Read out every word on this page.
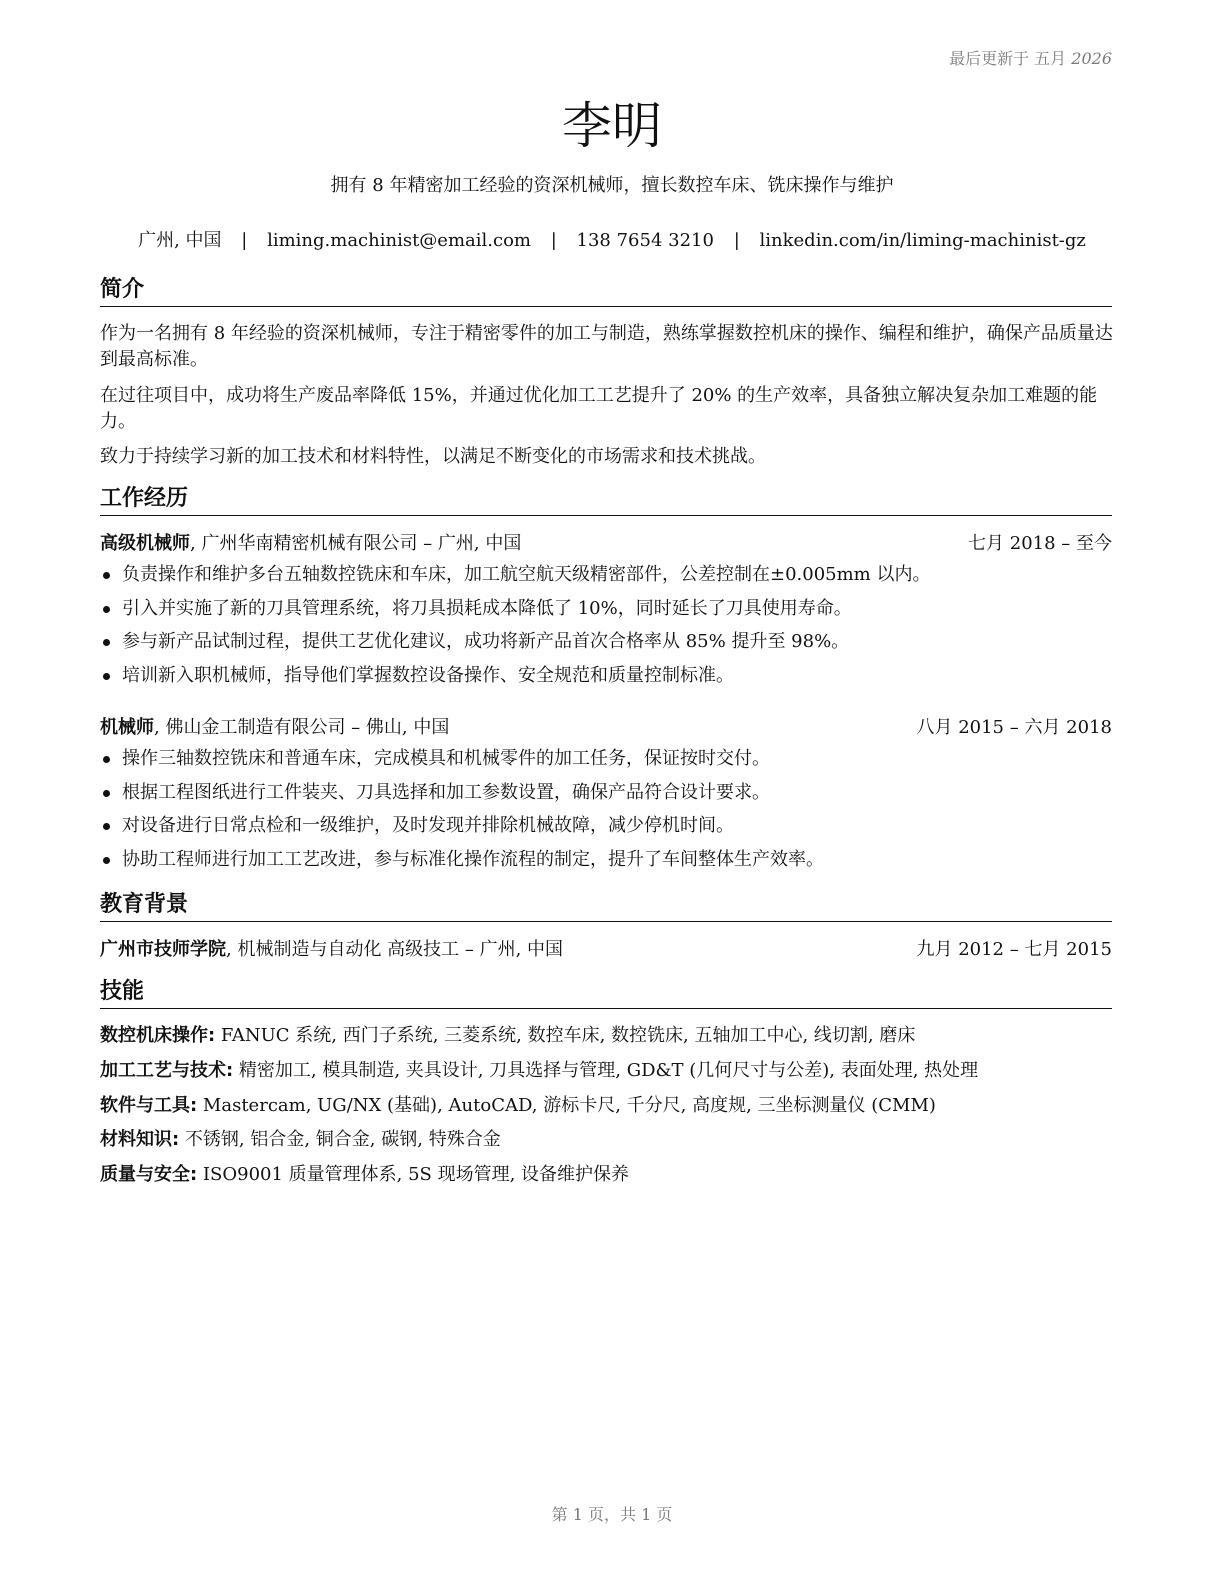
最后更新于 五月 2026
李明
拥有 8 年精密加工经验的资深机械师，擅长数控车床、铣床操作与维护
广州, 中国 | liming.machinist@email.com | 138 7654 3210 | linkedin.com/in/liming-machinist-gz
简介
作为一名拥有 8 年经验的资深机械师，专注于精密零件的加工与制造，熟练掌握数控机床的操作、编程和维护，确保产品质量达到最高标准。
在过往项目中，成功将生产废品率降低 15%，并通过优化加工工艺提升了 20% 的生产效率，具备独立解决复杂加工难题的能力。
致力于持续学习新的加工技术和材料特性，以满足不断变化的市场需求和技术挑战。
工作经历
高级机械师, 广州华南精密机械有限公司 – 广州, 中国	七月 2018 – 至今
负责操作和维护多台五轴数控铣床和车床，加工航空航天级精密部件，公差控制在±0.005mm 以内。
引入并实施了新的刀具管理系统，将刀具损耗成本降低了 10%，同时延长了刀具使用寿命。
参与新产品试制过程，提供工艺优化建议，成功将新产品首次合格率从 85% 提升至 98%。
培训新入职机械师，指导他们掌握数控设备操作、安全规范和质量控制标准。
机械师, 佛山金工制造有限公司 – 佛山, 中国	八月 2015 – 六月 2018
操作三轴数控铣床和普通车床，完成模具和机械零件的加工任务，保证按时交付。
根据工程图纸进行工件装夹、刀具选择和加工参数设置，确保产品符合设计要求。
对设备进行日常点检和一级维护，及时发现并排除机械故障，减少停机时间。
协助工程师进行加工工艺改进，参与标准化操作流程的制定，提升了车间整体生产效率。
教育背景
广州市技师学院, 机械制造与自动化 高级技工 – 广州, 中国	九月 2012 – 七月 2015
技能
数控机床操作: FANUC 系统, 西门子系统, 三菱系统, 数控车床, 数控铣床, 五轴加工中心, 线切割, 磨床
加工工艺与技术: 精密加工, 模具制造, 夹具设计, 刀具选择与管理, GD&T (几何尺寸与公差), 表面处理, 热处理
软件与工具: Mastercam, UG/NX (基础), AutoCAD, 游标卡尺, 千分尺, 高度规, 三坐标测量仪 (CMM)
材料知识: 不锈钢, 铝合金, 铜合金, 碳钢, 特殊合金
质量与安全: ISO9001 质量管理体系, 5S 现场管理, 设备维护保养
第 1 页，共 1 页
